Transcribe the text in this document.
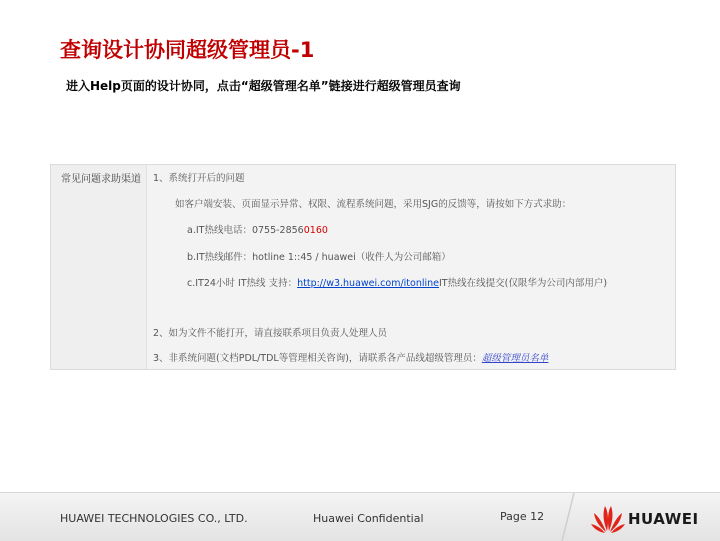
查询设计协同超级管理员-1
进入Help页面的设计协同，点击“超级管理名单”链接进行超级管理员查询
常见问题求助渠道 1、系统打开后的问题
如客户端安装、页面显示异常、权限、流程系统问题，采用SJG的反馈等，请按如下方式求助：
a.IT热线电话：0755-28560160
b.IT热线邮件：hotline 1::45 / huawei（收件人为公司邮箱）
c.IT24小时 IT热线 支持：http://w3.huawei.com/itonlineIT热线在线提交(仅限华为公司内部用户)
2、如为文件不能打开，请直接联系项目负责人处理人员
3、非系统问题(文档PDL/TDL等管理相关咨询)，请联系各产品线超级管理员：超级管理员名单
HUAWEI TECHNOLOGIES CO., LTD.	Huawei Confidential	Page 12	HUAWEI
